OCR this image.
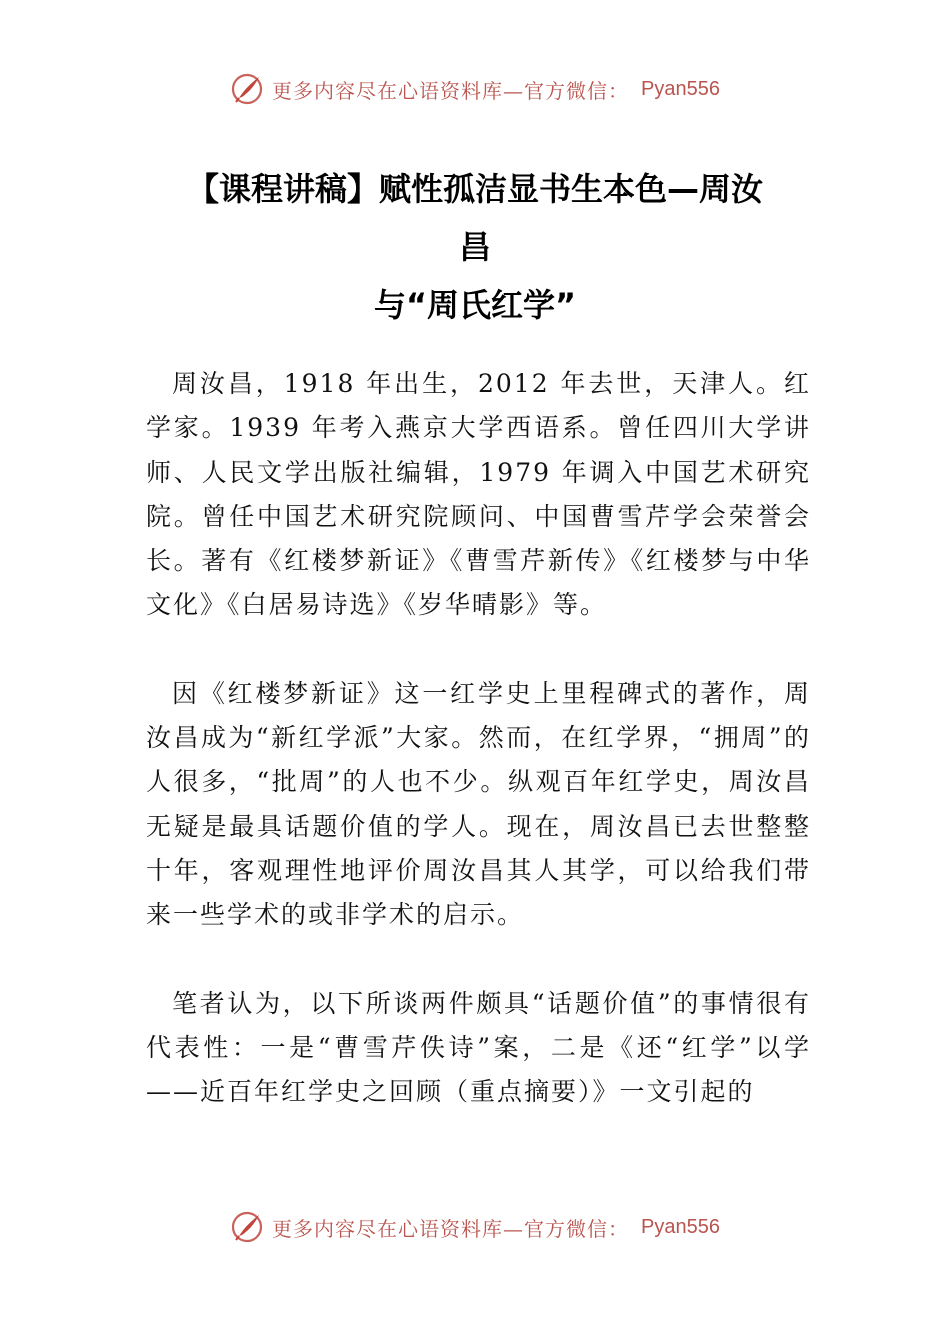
更多内容尽在心语资料库—官方微信： Pyan556
【课程讲稿】赋性孤洁显书生本色—周汝
昌
与“周氏红学”

周汝昌，1918 年出生，2012 年去世，天津人。红学家。1939 年考入燕京大学西语系。曾任四川大学讲师、人民文学出版社编辑，1979 年调入中国艺术研究院。曾任中国艺术研究院顾问、中国曹雪芹学会荣誉会长。著有《红楼梦新证》《曹雪芹新传》《红楼梦与中华文化》《白居易诗选》《岁华晴影》等。

因《红楼梦新证》这一红学史上里程碑式的著作，周汝昌成为“新红学派”大家。然而，在红学界，“拥周”的人很多，“批周”的人也不少。纵观百年红学史，周汝昌无疑是最具话题价值的学人。现在，周汝昌已去世整整十年，客观理性地评价周汝昌其人其学，可以给我们带来一些学术的或非学术的启示。

笔者认为，以下所谈两件颇具“话题价值”的事情很有代表性：一是“曹雪芹佚诗”案，二是《还“红学”以学——近百年红学史之回顾（重点摘要）》一文引起的

更多内容尽在心语资料库—官方微信： Pyan556
